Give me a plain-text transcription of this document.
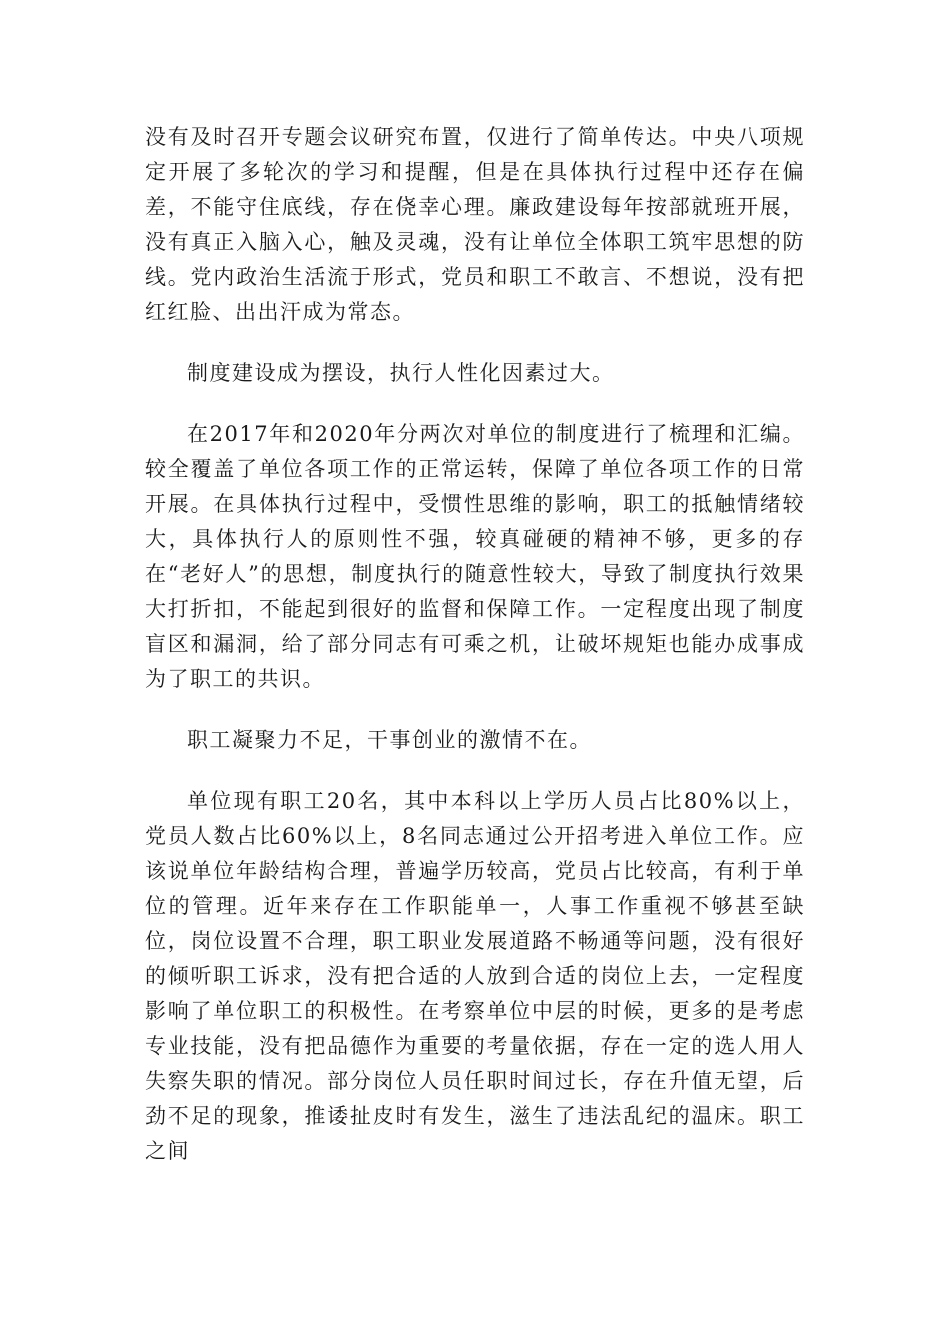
没有及时召开专题会议研究布置，仅进行了简单传达。中央八项规定开展了多轮次的学习和提醒，但是在具体执行过程中还存在偏差，不能守住底线，存在侥幸心理。廉政建设每年按部就班开展，没有真正入脑入心，触及灵魂，没有让单位全体职工筑牢思想的防线。党内政治生活流于形式，党员和职工不敢言、不想说，没有把红红脸、出出汗成为常态。

制度建设成为摆设，执行人性化因素过大。

在2017年和2020年分两次对单位的制度进行了梳理和汇编。较全覆盖了单位各项工作的正常运转，保障了单位各项工作的日常开展。在具体执行过程中，受惯性思维的影响，职工的抵触情绪较大，具体执行人的原则性不强，较真碰硬的精神不够，更多的存在“老好人”的思想，制度执行的随意性较大，导致了制度执行效果大打折扣，不能起到很好的监督和保障工作。一定程度出现了制度盲区和漏洞，给了部分同志有可乘之机，让破坏规矩也能办成事成为了职工的共识。

职工凝聚力不足，干事创业的激情不在。

单位现有职工20名，其中本科以上学历人员占比80%以上，党员人数占比60%以上，8名同志通过公开招考进入单位工作。应该说单位年龄结构合理，普遍学历较高，党员占比较高，有利于单位的管理。近年来存在工作职能单一，人事工作重视不够甚至缺位，岗位设置不合理，职工职业发展道路不畅通等问题，没有很好的倾听职工诉求，没有把合适的人放到合适的岗位上去，一定程度影响了单位职工的积极性。在考察单位中层的时候，更多的是考虑专业技能，没有把品德作为重要的考量依据，存在一定的选人用人失察失职的情况。部分岗位人员任职时间过长，存在升值无望，后劲不足的现象，推诿扯皮时有发生，滋生了违法乱纪的温床。职工之间
